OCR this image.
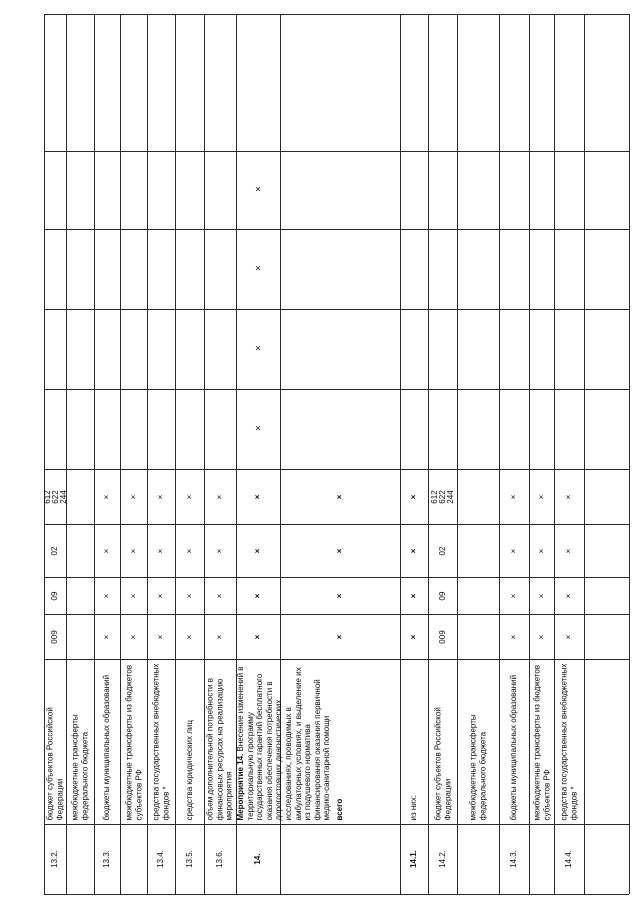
13.2.
бюджет субъектов Российской Федерации
009
09
02
612
622
244
межбюджетные трансферты федерального бюджета
13.3.
бюджеты муниципальных образований
×
×
×
×
межбюджетные трансферты из бюджетов субъектов РФ
×
×
×
×
13.4.
средства государственных внебюджетных фондов *
×
×
×
×
13.5.
средства юридических лиц
×
×
×
×
13.6.
объем дополнительной потребности в финансовых ресурсах на реализацию мероприятия
×
×
×
×
14.
Мероприятие 14. Внесение изменений в территориальную программу государственных гарантий бесплатного оказания обеспечения потребности в дорогостоящих диагностических исследованиях, проводимых в амбулаторных условиях, и выделение их из подушевого норматива финансирования оказания первичной медико-санитарной помощи
×
×
×
×
×
×
×
×
всего
×
×
×
×
14.1.
из них:
×
×
×
×
14.2.
бюджет субъектов Российской Федерации
009
09
02
612
622
244
межбюджетные трансферты федерального бюджета
14.3.
бюджеты муниципальных образований
×
×
×
×
межбюджетные трансферты из бюджетов субъектов РФ
×
×
×
×
14.4.
средства государственных внебюджетных фондов *
×
×
×
×
